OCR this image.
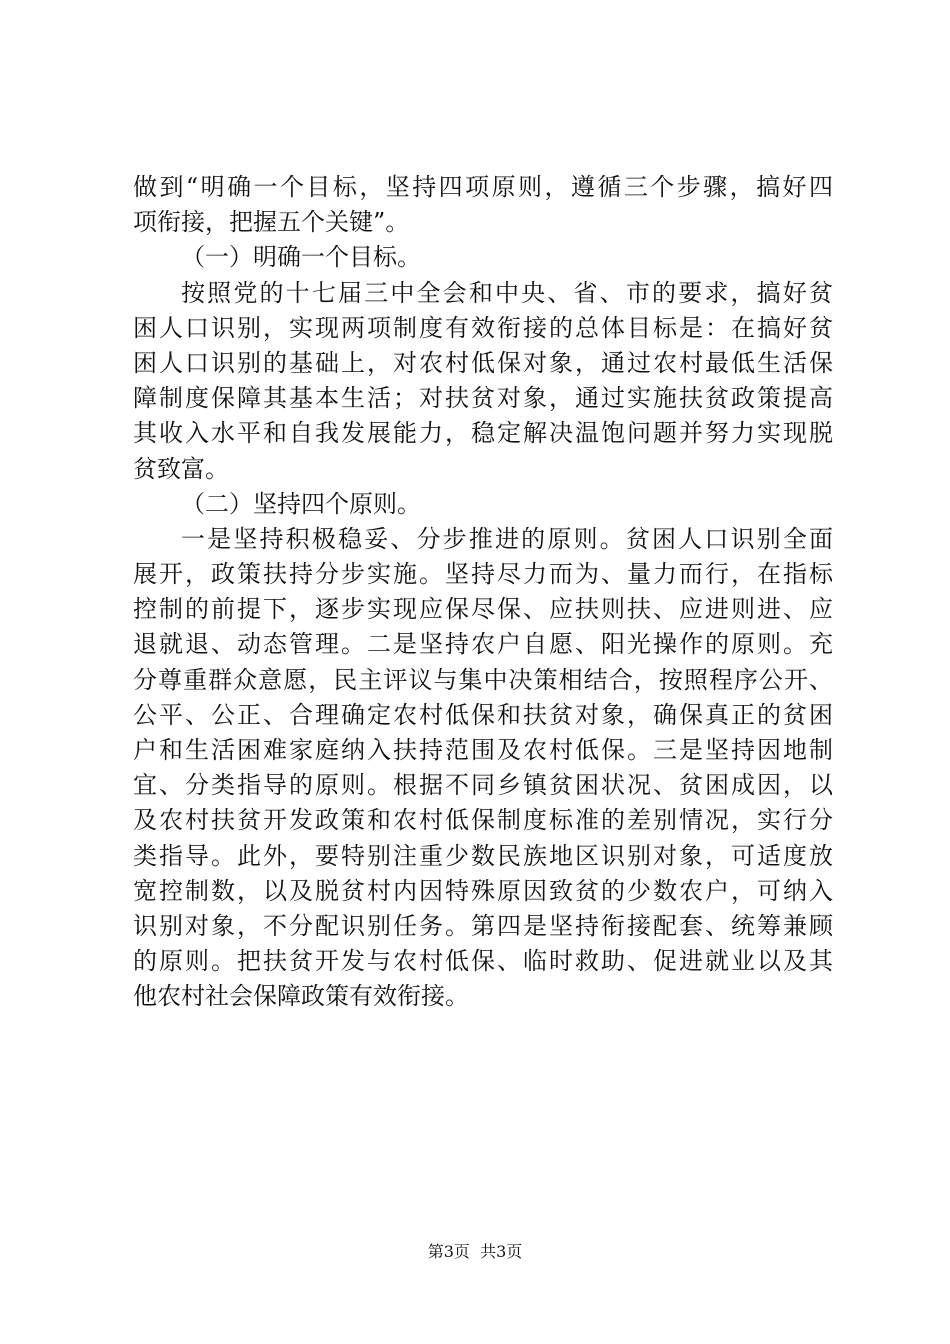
做到“明确一个目标，坚持四项原则，遵循三个步骤，搞好四
项衔接，把握五个关键”。
（一）明确一个目标。
按照党的十七届三中全会和中央、省、市的要求，搞好贫
困人口识别，实现两项制度有效衔接的总体目标是：在搞好贫
困人口识别的基础上，对农村低保对象，通过农村最低生活保
障制度保障其基本生活；对扶贫对象，通过实施扶贫政策提高
其收入水平和自我发展能力，稳定解决温饱问题并努力实现脱
贫致富。
（二）坚持四个原则。
一是坚持积极稳妥、分步推进的原则。贫困人口识别全面
展开，政策扶持分步实施。坚持尽力而为、量力而行，在指标
控制的前提下，逐步实现应保尽保、应扶则扶、应进则进、应
退就退、动态管理。二是坚持农户自愿、阳光操作的原则。充
分尊重群众意愿，民主评议与集中决策相结合，按照程序公开、
公平、公正、合理确定农村低保和扶贫对象，确保真正的贫困
户和生活困难家庭纳入扶持范围及农村低保。三是坚持因地制
宜、分类指导的原则。根据不同乡镇贫困状况、贫困成因，以
及农村扶贫开发政策和农村低保制度标准的差别情况，实行分
类指导。此外，要特别注重少数民族地区识别对象，可适度放
宽控制数，以及脱贫村内因特殊原因致贫的少数农户，可纳入
识别对象，不分配识别任务。第四是坚持衔接配套、统筹兼顾
的原则。把扶贫开发与农村低保、临时救助、促进就业以及其
他农村社会保障政策有效衔接。
第3页  共3页
